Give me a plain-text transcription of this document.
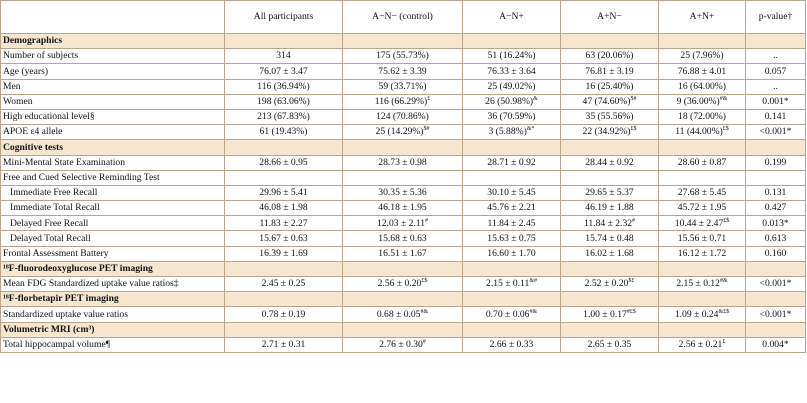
	All participants	A−N− (control)	A−N+	A+N−	A+N+	p-value†
Demographics						
Number of subjects	314	175 (55.73%)	51 (16.24%)	63 (20.06%)	25 (7.96%)	..
Age (years)	76.07 ± 3.47	75.62 ± 3.39	76.33 ± 3.64	76.81 ± 3.19	76.88 ± 4.01	0.057
Men	116 (36.94%)	59 (33.71%)	25 (49.02%)	16 (25.40%)	16 (64.00%)	..
Women	198 (63.06%)	116 (66.29%)£	26 (50.98%)&	47 (74.60%)$#	9 (36.00%)#&	0.001*
High educational level§	213 (67.83%)	124 (70.86%)	36 (70.59%)	35 (55.56%)	18 (72.00%)	0.141
APOE ε4 allele	61 (19.43%)	25 (14.29%)$#	3 (5.88%)&*	22 (34.92%)£$	11 (44.00%)£$	<0.001*
Cognitive tests						
Mini-Mental State Examination	28.66 ± 0.95	28.73 ± 0.98	28.71 ± 0.92	28.44 ± 0.92	28.60 ± 0.87	0.199
Free and Cued Selective Reminding Test						
Immediate Free Recall	29.96 ± 5.41	30.35 ± 5.36	30.10 ± 5.45	29.65 ± 5.37	27.68 ± 5.45	0.131
Immediate Total Recall	46.08 ± 1.98	46.18 ± 1.95	45.76 ± 2.21	46.19 ± 1.88	45.72 ± 1.95	0.427
Delayed Free Recall	11.83 ± 2.27	12.03 ± 2.11#	11.84 ± 2.45	11.84 ± 2.32#	10.44 ± 2.47£$	0.013*
Delayed Total Recall	15.67 ± 0.63	15.68 ± 0.63	15.63 ± 0.75	15.74 ± 0.48	15.56 ± 0.71	0.613
Frontal Assessment Battery	16.39 ± 1.69	16.51 ± 1.67	16.60 ± 1.70	16.02 ± 1.68	16.12 ± 1.72	0.160
¹⁸F-fluorodeoxyglucose PET imaging						
Mean FDG Standardized uptake value ratios‡	2.45 ± 0.25	2.56 ± 0.20£$	2.15 ± 0.11&#	2.52 ± 0.20$£	2.15 ± 0.12#&	<0.001*
¹⁸F-florbetapir PET imaging						
Standardized uptake value ratios	0.78 ± 0.19	0.68 ± 0.05#&	0.70 ± 0.06#&	1.00 ± 0.17#£$	1.09 ± 0.24&£$	<0.001*
Volumetric MRI (cm³)						
Total hippocampal volume¶	2.71 ± 0.31	2.76 ± 0.30#	2.66 ± 0.33	2.65 ± 0.35	2.56 ± 0.21£	0.004*
